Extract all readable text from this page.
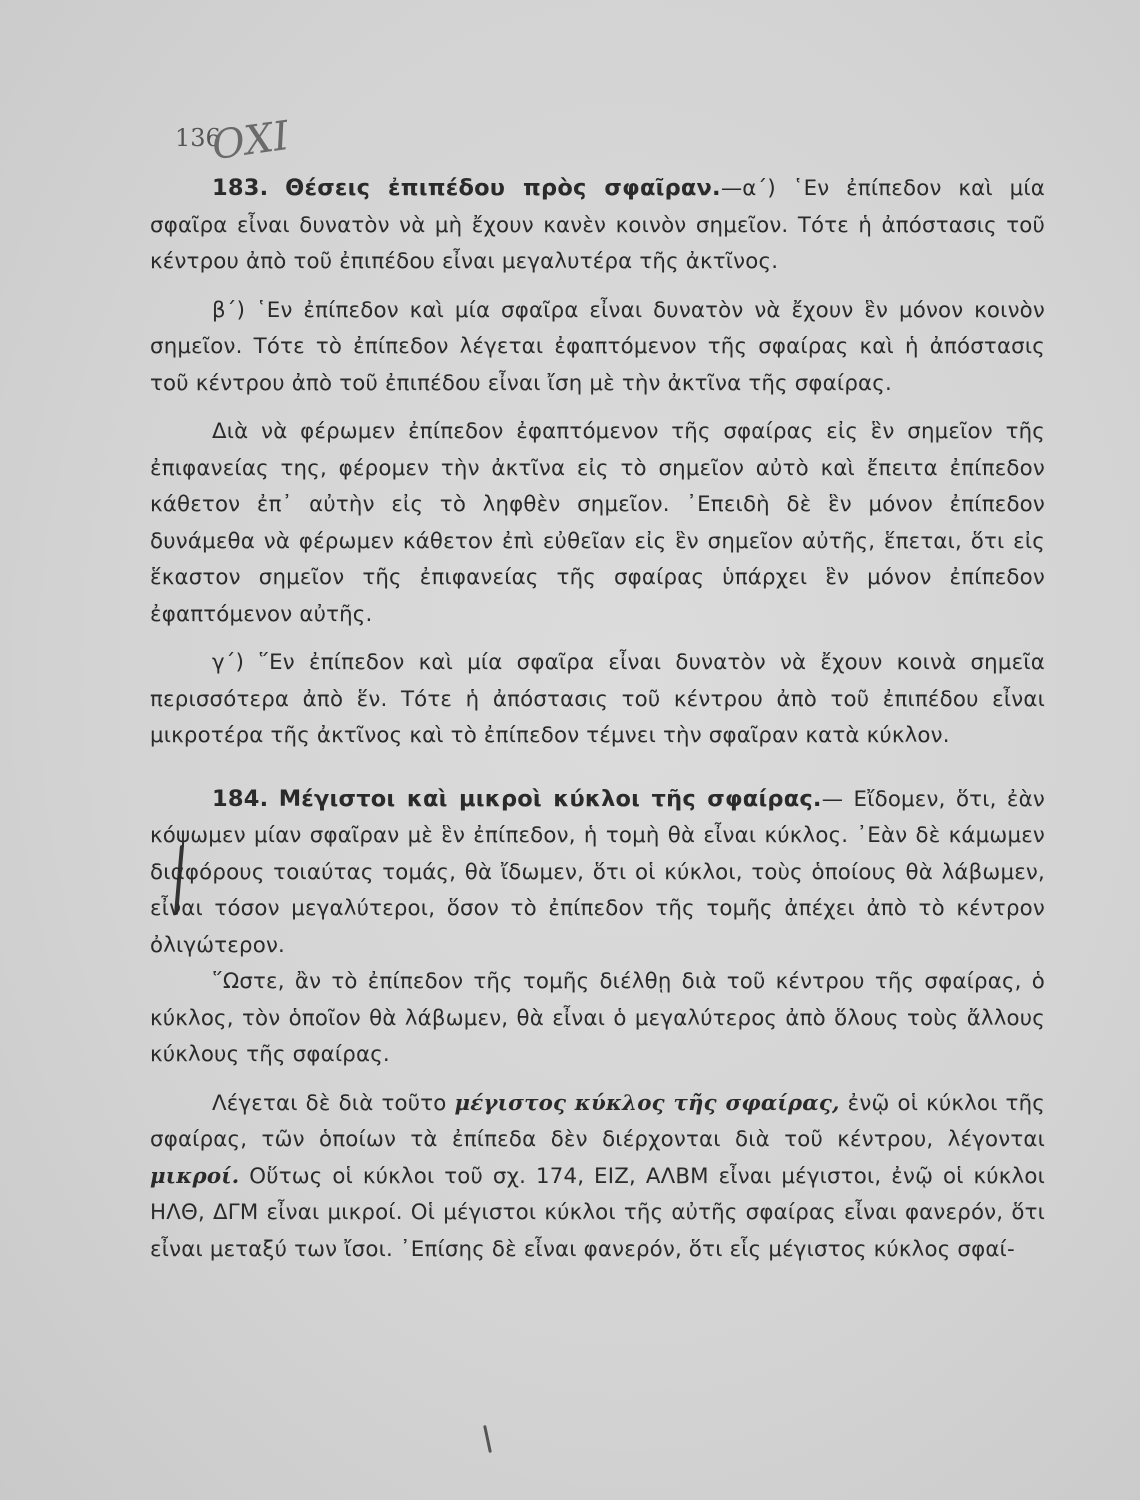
136
ΟΧΙ

183. Θέσεις ἐπιπέδου πρὸς σφαῖραν.—α΄) ῾Εν ἐπίπεδον καὶ μία σφαῖρα εἶναι δυνατὸν νὰ μὴ ἔχουν κανὲν κοινὸν σημεῖον. Τότε ἡ ἀπόστασις τοῦ κέντρου ἀπὸ τοῦ ἐπιπέδου εἶναι μεγαλυτέρα τῆς ἀκτῖνος.

β΄) ῾Εν ἐπίπεδον καὶ μία σφαῖρα εἶναι δυνατὸν νὰ ἔχουν ἓν μόνον κοινὸν σημεῖον. Τότε τὸ ἐπίπεδον λέγεται ἐφαπτόμενον τῆς σφαίρας καὶ ἡ ἀπόστασις τοῦ κέντρου ἀπὸ τοῦ ἐπιπέδου εἶναι ἴση μὲ τὴν ἀκτῖνα τῆς σφαίρας.

Διὰ νὰ φέρωμεν ἐπίπεδον ἐφαπτόμενον τῆς σφαίρας εἰς ἓν σημεῖον τῆς ἐπιφανείας της, φέρομεν τὴν ἀκτῖνα εἰς τὸ σημεῖον αὐτὸ καὶ ἔπειτα ἐπίπεδον κάθετον ἐπ᾿ αὐτὴν εἰς τὸ ληφθὲν σημεῖον. ᾿Επειδὴ δὲ ἓν μόνον ἐπίπεδον δυνάμεθα νὰ φέρωμεν κάθετον ἐπὶ εὐθεῖαν εἰς ἓν σημεῖον αὐτῆς, ἕπεται, ὅτι εἰς ἕκαστον σημεῖον τῆς ἐπιφανείας τῆς σφαίρας ὑπάρχει ἓν μόνον ἐπίπεδον ἐφαπτόμενον αὐτῆς.

γ΄) ῞Εν ἐπίπεδον καὶ μία σφαῖρα εἶναι δυνατὸν νὰ ἔχουν κοινὰ σημεῖα περισσότερα ἀπὸ ἕν. Τότε ἡ ἀπόστασις τοῦ κέντρου ἀπὸ τοῦ ἐπιπέδου εἶναι μικροτέρα τῆς ἀκτῖνος καὶ τὸ ἐπίπεδον τέμνει τὴν σφαῖραν κατὰ κύκλον.

184. Μέγιστοι καὶ μικροὶ κύκλοι τῆς σφαίρας.— Εἴδομεν, ὅτι, ἐὰν κόψωμεν μίαν σφαῖραν μὲ ἓν ἐπίπεδον, ἡ τομὴ θὰ εἶναι κύκλος. ᾿Εὰν δὲ κάμωμεν διαφόρους τοιαύτας τομάς, θὰ ἴδωμεν, ὅτι οἱ κύκλοι, τοὺς ὁποίους θὰ λάβωμεν, εἶναι τόσον μεγαλύτεροι, ὅσον τὸ ἐπίπεδον τῆς τομῆς ἀπέχει ἀπὸ τὸ κέντρον ὀλιγώτερον.

῞Ωστε, ἂν τὸ ἐπίπεδον τῆς τομῆς διέλθῃ διὰ τοῦ κέντρου τῆς σφαίρας, ὁ κύκλος, τὸν ὁποῖον θὰ λάβωμεν, θὰ εἶναι ὁ μεγαλύτερος ἀπὸ ὅλους τοὺς ἄλλους κύκλους τῆς σφαίρας.

Λέγεται δὲ διὰ τοῦτο μέγιστος κύκλος τῆς σφαίρας, ἐνῷ οἱ κύκλοι τῆς σφαίρας, τῶν ὁποίων τὰ ἐπίπεδα δὲν διέρχονται διὰ τοῦ κέντρου, λέγονται μικροί. Οὕτως οἱ κύκλοι τοῦ σχ. 174, ΕΙΖ, ΑΛΒΜ εἶναι μέγιστοι, ἐνῷ οἱ κύκλοι ΗΛΘ, ΔΓΜ εἶναι μικροί. Οἱ μέγιστοι κύκλοι τῆς αὐτῆς σφαίρας εἶναι φανερόν, ὅτι εἶναι μεταξύ των ἴσοι. ᾿Επίσης δὲ εἶναι φανερόν, ὅτι εἷς μέγιστος κύκλος σφαί-
